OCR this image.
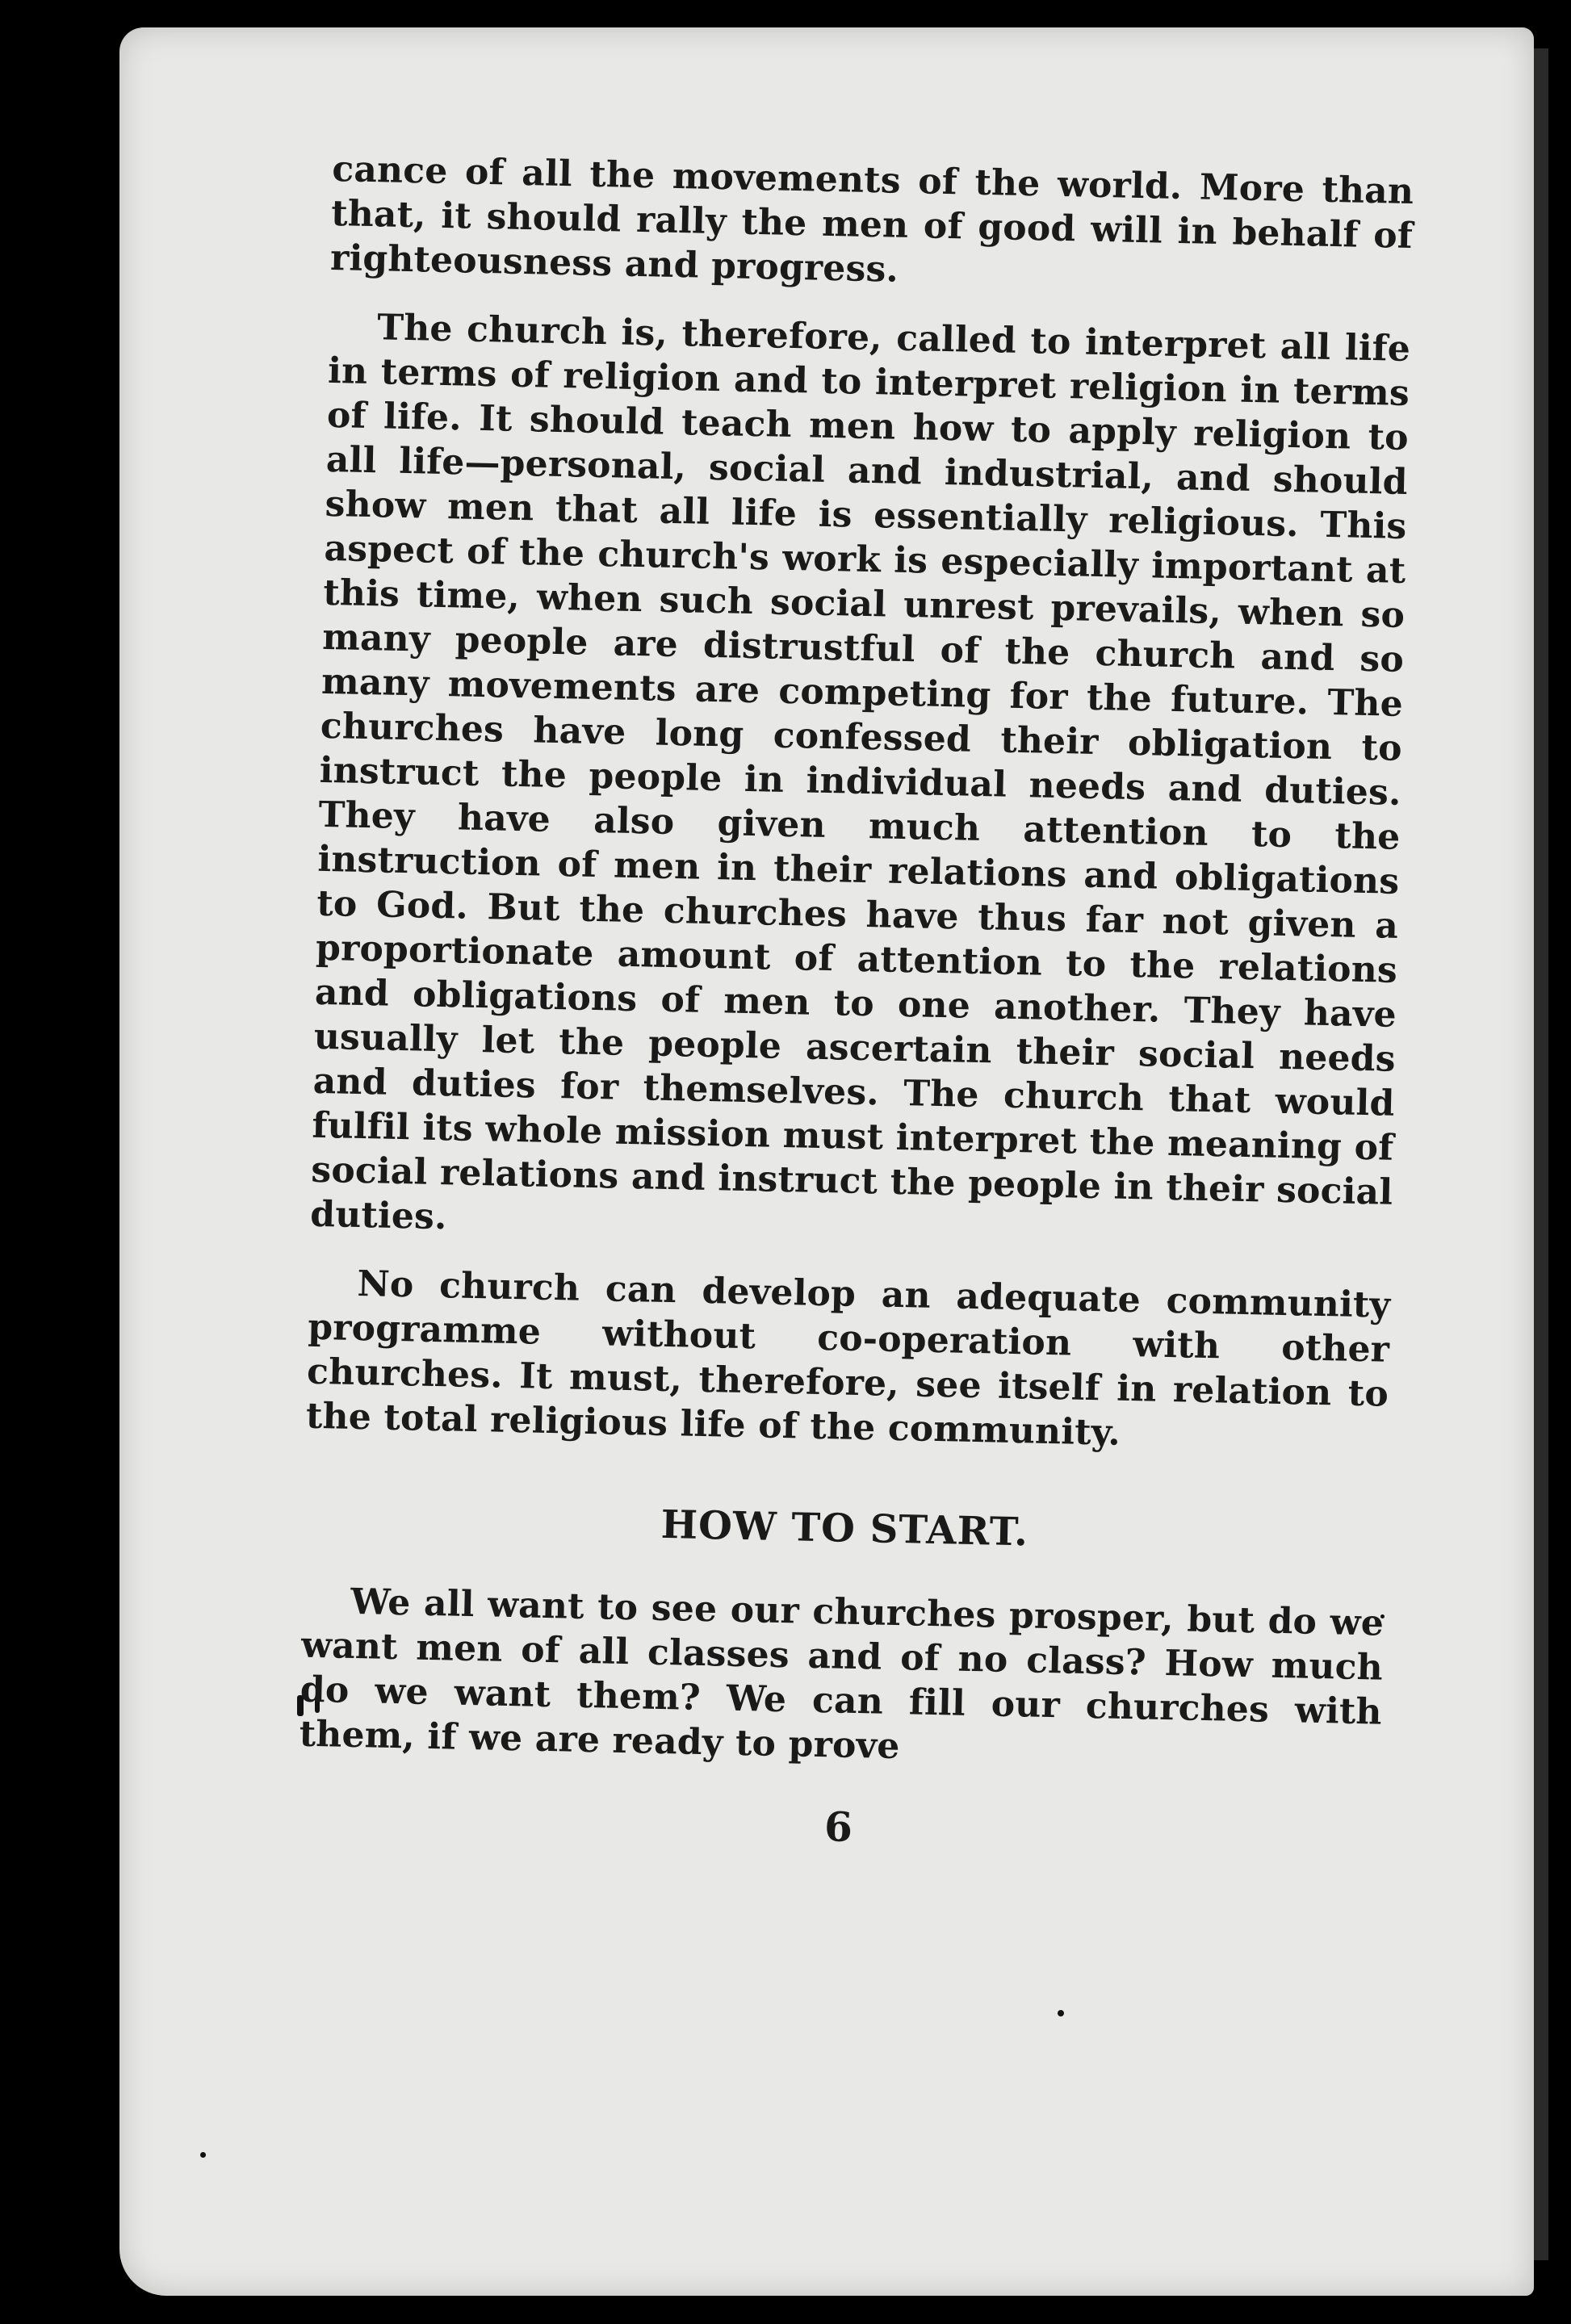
cance of all the movements of the world. More than that, it should rally the men of good will in behalf of righteousness and progress.

The church is, therefore, called to interpret all life in terms of religion and to interpret religion in terms of life. It should teach men how to apply religion to all life—personal, social and industrial, and should show men that all life is essentially religious. This aspect of the church's work is especially important at this time, when such social unrest prevails, when so many people are distrustful of the church and so many movements are competing for the future. The churches have long confessed their obligation to instruct the people in individual needs and duties. They have also given much attention to the instruction of men in their relations and obligations to God. But the churches have thus far not given a proportionate amount of attention to the relations and obligations of men to one another. They have usually let the people ascertain their social needs and duties for themselves. The church that would fulfil its whole mission must interpret the meaning of social relations and instruct the people in their social duties.

No church can develop an adequate community programme without co-operation with other churches. It must, therefore, see itself in relation to the total religious life of the community.

HOW TO START.

We all want to see our churches prosper, but do we want men of all classes and of no class? How much do we want them? We can fill our churches with them, if we are ready to prove

6
